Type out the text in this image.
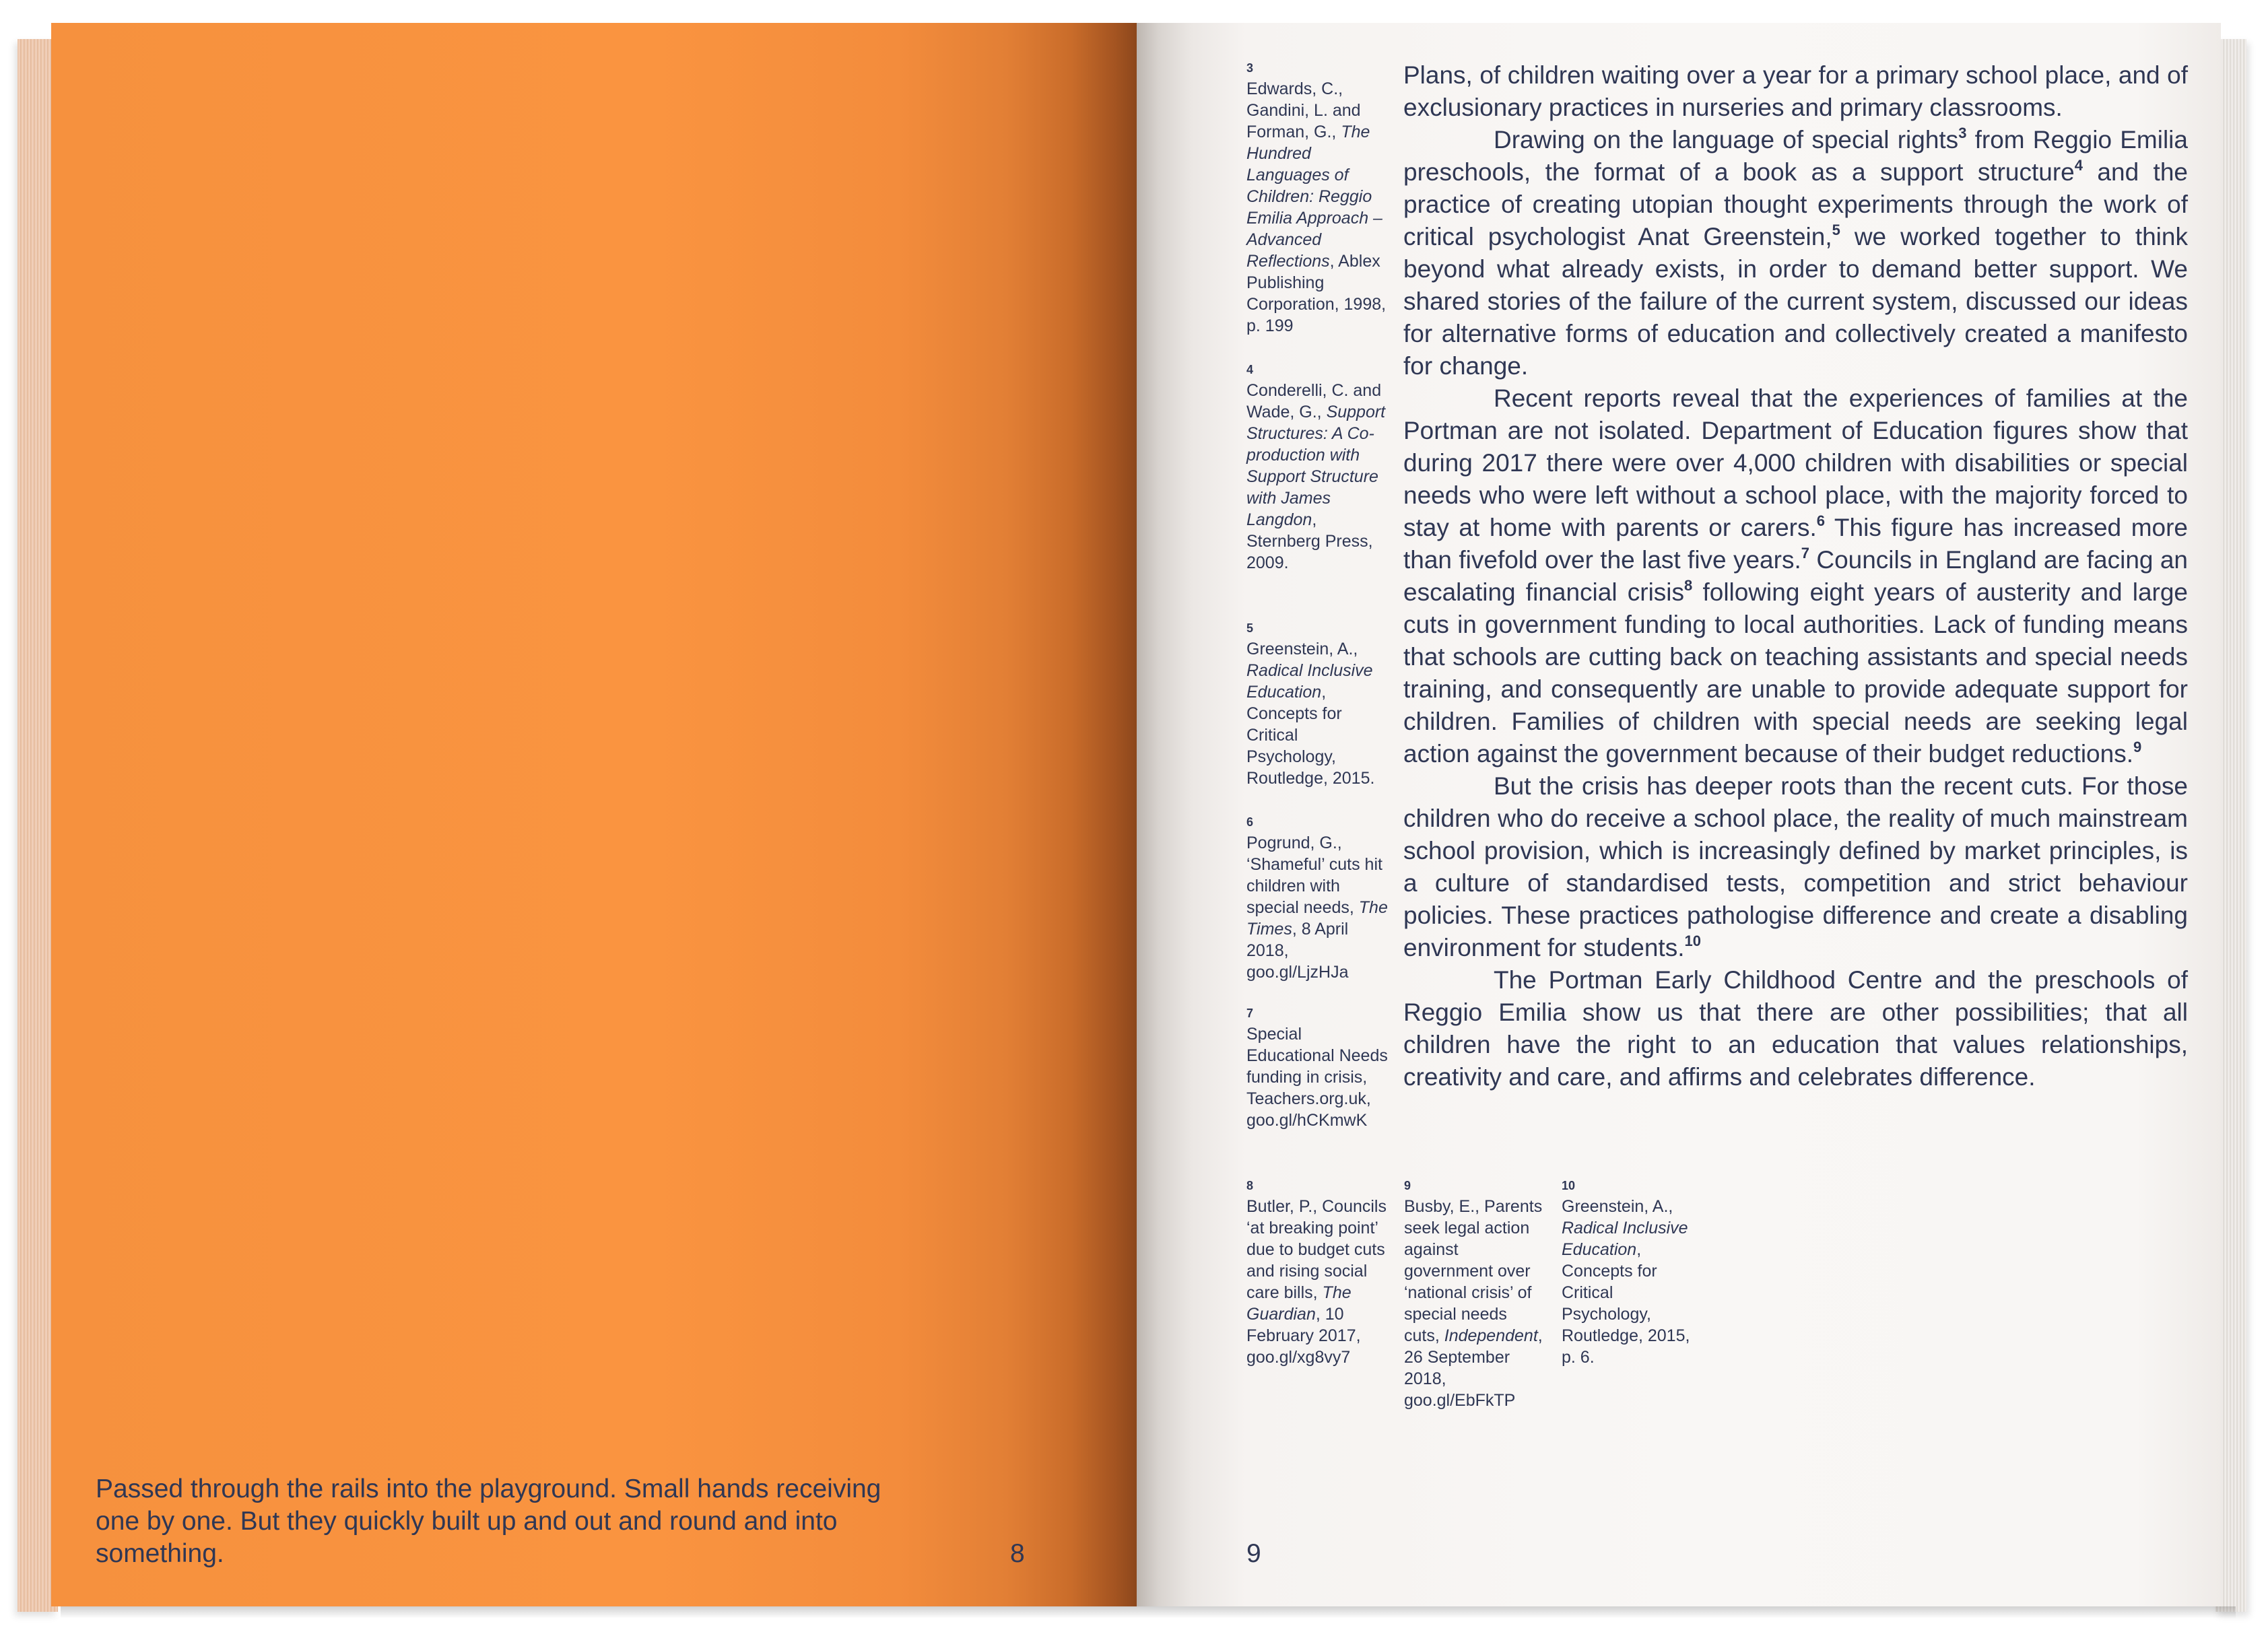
Passed through the rails into the playground. Small hands receiving one by one. But they quickly built up and out and round and into something.	8	9

Plans, of children waiting over a year for a primary school place, and of exclusionary practices in nurseries and primary classrooms.

Drawing on the language of special rights$^3$ from Reggio Emilia preschools, the format of a book as a support structure$^4$ and the practice of creating utopian thought experiments through the work of critical psychologist Anat Greenstein,$^5$ we worked together to think beyond what already exists, in order to demand better support. We shared stories of the failure of the current system, discussed our ideas for alternative forms of education and collectively created a manifesto for change.

Recent reports reveal that the experiences of families at the Portman are not isolated. Department of Education figures show that during 2017 there were over 4,000 children with disabilities or special needs who were left without a school place, with the majority forced to stay at home with parents or carers.$^6$ This figure has increased more than fivefold over the last five years.$^7$ Councils in England are facing an escalating financial crisis$^8$ following eight years of austerity and large cuts in government funding to local authorities. Lack of funding means that schools are cutting back on teaching assistants and special needs training, and consequently are unable to provide adequate support for children. Families of children with special needs are seeking legal action against the government because of their budget reductions.$^9$

But the crisis has deeper roots than the recent cuts. For those children who do receive a school place, the reality of much mainstream school provision, which is increasingly defined by market principles, is a culture of standardised tests, competition and strict behaviour policies. These practices pathologise difference and create a disabling environment for students.$^{10}$

The Portman Early Childhood Centre and the preschools of Reggio Emilia show us that there are other possibilities; that all children have the right to an education that values relationships, creativity and care, and affirms and celebrates difference.

3
Edwards, C., Gandini, L. and Forman, G., The Hundred Languages of Children: Reggio Emilia Approach – Advanced Reflections, Ablex Publishing Corporation, 1998, p. 199
4
Conderelli, C. and Wade, G., Support Structures: A Co-production with Support Structure with James Langdon, Sternberg Press, 2009.
5
Greenstein, A., Radical Inclusive Education, Concepts for Critical Psychology, Routledge, 2015.
6
Pogrund, G., ‘Shameful’ cuts hit children with special needs, The Times, 8 April 2018, goo.gl/LjzHJa
7
Special Educational Needs funding in crisis, Teachers.org.uk, goo.gl/hCKmwK
8
Butler, P., Councils ‘at breaking point’ due to budget cuts and rising social care bills, The Guardian, 10 February 2017, goo.gl/xg8vy7
9
Busby, E., Parents seek legal action against government over ‘national crisis’ of special needs cuts, Independent, 26 September 2018, goo.gl/EbFkTP
10
Greenstein, A., Radical Inclusive Education, Concepts for Critical Psychology, Routledge, 2015, p. 6.
